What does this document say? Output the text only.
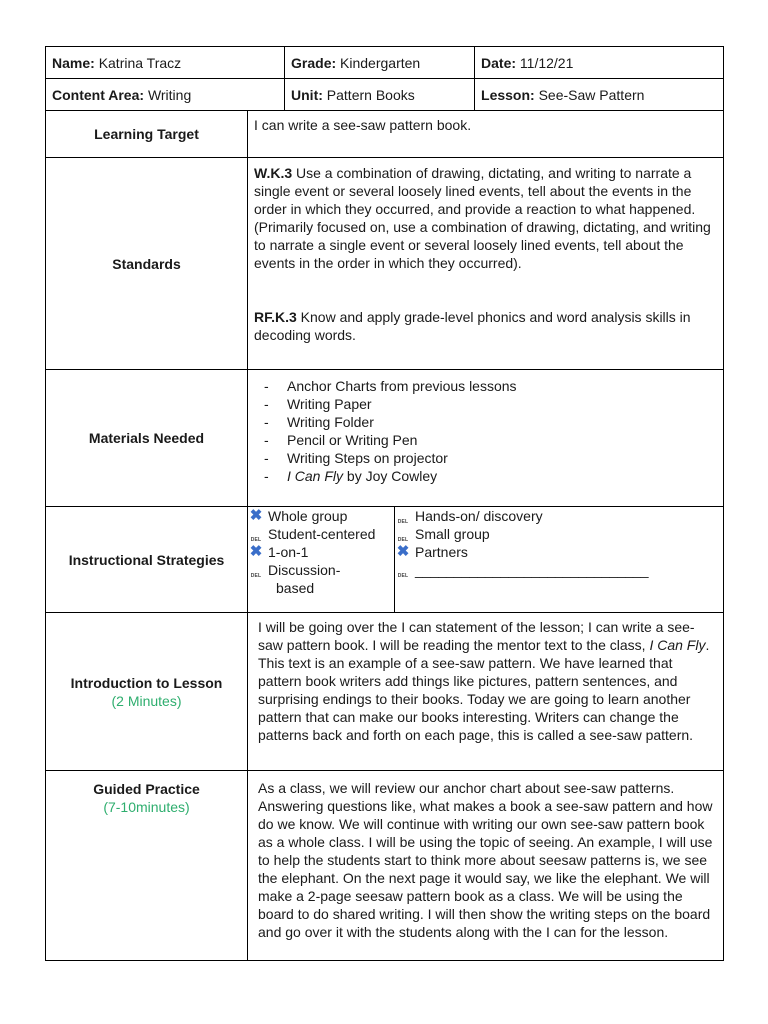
Name: Katrina Tracz	Grade: Kindergarten	Date: 11/12/21

Content Area: Writing	Unit: Pattern Books	Lesson: See-Saw Pattern

Learning Target	
I can write a see-saw pattern book.

Standards	

W.K.3 Use a combination of drawing, dictating, and writing to narrate a single event or several loosely lined events, tell about the events in the order in which they occurred, and provide a reaction to what happened. (Primarily focused on, use a combination of drawing, dictating, and writing to narrate a single event or several loosely lined events, tell about the events in the order in which they occurred).

RF.K.3 Know and apply grade-level phonics and word analysis skills in decoding words.

Materials Needed	
- Anchor Charts from previous lessons
- Writing Paper
- Writing Folder
- Pencil or Writing Pen
- Writing Steps on projector
- I Can Fly by Joy Cowley

Instructional Strategies	
✖ Whole group
DEL Student-centered
✖ 1-on-1
DEL Discussion-
based

DEL Hands-on/ discovery
DEL Small group
✖ Partners
DEL ______________________________

Introduction to Lesson
(2 Minutes)

I will be going over the I can statement of the lesson; I can write a see-saw pattern book. I will be reading the mentor text to the class, I Can Fly. This text is an example of a see-saw pattern. We have learned that pattern book writers add things like pictures, pattern sentences, and surprising endings to their books. Today we are going to learn another pattern that can make our books interesting. Writers can change the patterns back and forth on each page, this is called a see-saw pattern.

Guided Practice
(7-10minutes)

As a class, we will review our anchor chart about see-saw patterns. Answering questions like, what makes a book a see-saw pattern and how do we know. We will continue with writing our own see-saw pattern book as a whole class. I will be using the topic of seeing. An example, I will use to help the students start to think more about seesaw patterns is, we see the elephant. On the next page it would say, we like the elephant. We will make a 2-page seesaw pattern book as a class. We will be using the board to do shared writing. I will then show the writing steps on the board and go over it with the students along with the I can for the lesson.
